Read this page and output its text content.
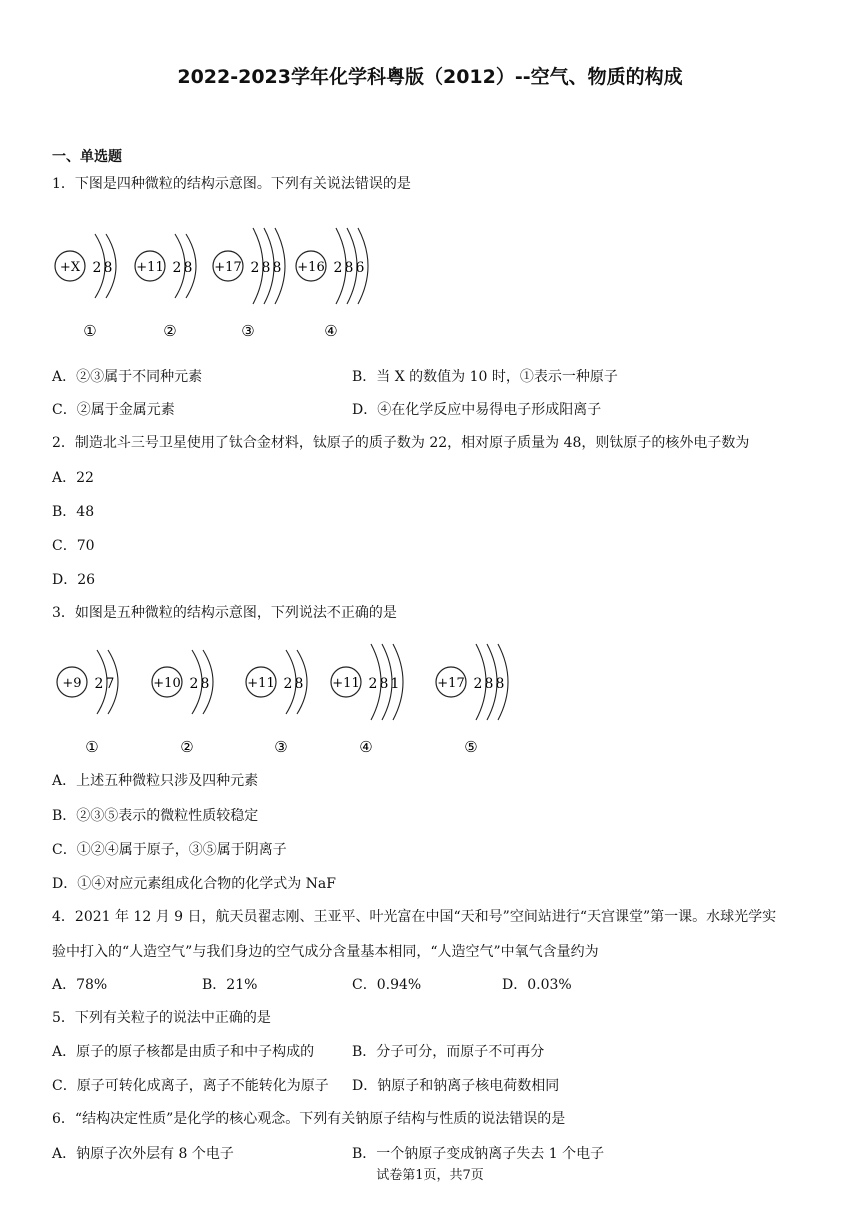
2022-2023学年化学科粤版（2012）--空气、物质的构成
一、单选题
1．下图是四种微粒的结构示意图。下列有关说法错误的是
+X 2 8
①
+11 2 8
②
+17 2 8 8
③
+16 2 8 6
④
A．②③属于不同种元素	B．当 X 的数值为 10 时，①表示一种原子
C．②属于金属元素	D．④在化学反应中易得电子形成阳离子
2．制造北斗三号卫星使用了钛合金材料，钛原子的质子数为 22，相对原子质量为 48，则钛原子的核外电子数为
A．22
B．48
C．70
D．26
3．如图是五种微粒的结构示意图，下列说法不正确的是
+9 2 7
①
+10 2 8
②
+11 2 8
③
+11 2 8 1
④
+17 2 8 8
⑤
A．上述五种微粒只涉及四种元素
B．②③⑤表示的微粒性质较稳定
C．①②④属于原子，③⑤属于阴离子
D．①④对应元素组成化合物的化学式为 NaF
4．2021 年 12 月 9 日，航天员翟志刚、王亚平、叶光富在中国“天和号”空间站进行“天宫课堂”第一课。水球光学实
验中打入的“人造空气”与我们身边的空气成分含量基本相同，“人造空气”中氧气含量约为
A．78%	B．21%	C．0.94%	D．0.03%
5．下列有关粒子的说法中正确的是
A．原子的原子核都是由质子和中子构成的	B．分子可分，而原子不可再分
C．原子可转化成离子，离子不能转化为原子 D．钠原子和钠离子核电荷数相同
6．“结构决定性质”是化学的核心观念。下列有关钠原子结构与性质的说法错误的是
A．钠原子次外层有 8 个电子	B．一个钠原子变成钠离子失去 1 个电子
试卷第1页，共7页
